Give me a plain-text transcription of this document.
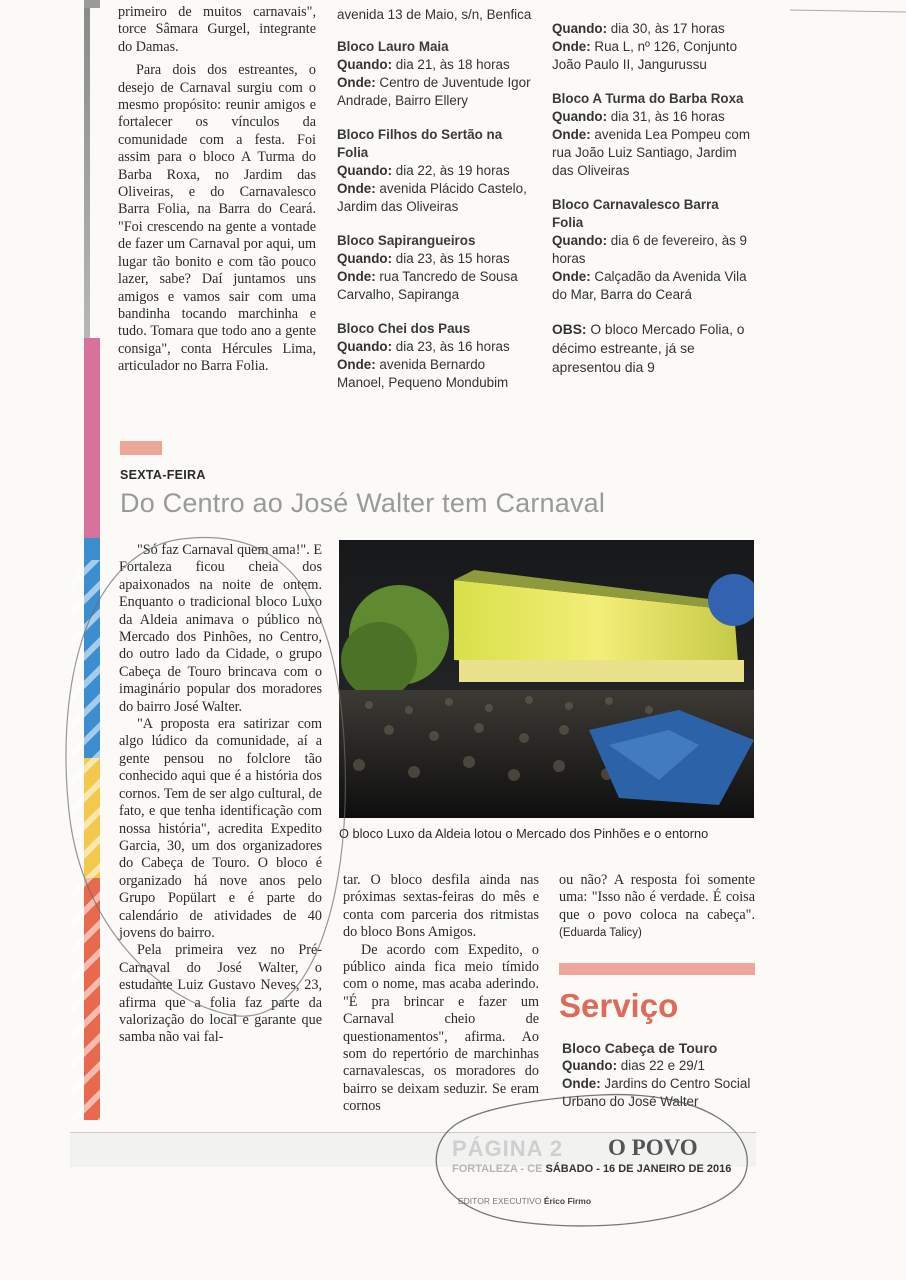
primeiro de muitos carnavais", torce Sâmara Gurgel, integrante do Damas.

Para dois dos estreantes, o desejo de Carnaval surgiu com o mesmo propósito: reunir amigos e fortalecer os vínculos da comunidade com a festa. Foi assim para o bloco A Turma do Barba Roxa, no Jardim das Oliveiras, e do Carnavalesco Barra Folia, na Barra do Ceará. "Foi crescendo na gente a vontade de fazer um Carnaval por aqui, um lugar tão bonito e com tão pouco lazer, sabe? Daí juntamos uns amigos e vamos sair com uma bandinha tocando marchinha e tudo. Tomara que todo ano a gente consiga", conta Hércules Lima, articulador no Barra Folia.

avenida 13 de Maio, s/n, Benfica
Bloco Lauro Maia
Quando: dia 21, às 18 horas
Onde: Centro de Juventude Igor Andrade, Bairro Ellery
Bloco Filhos do Sertão na Folia
Quando: dia 22, às 19 horas
Onde: avenida Plácido Castelo, Jardim das Oliveiras
Bloco Sapirangueiros
Quando: dia 23, às 15 horas
Onde: rua Tancredo de Sousa Carvalho, Sapiranga
Bloco Chei dos Paus
Quando: dia 23, às 16 horas
Onde: avenida Bernardo Manoel, Pequeno Mondubim
Quando: dia 30, às 17 horas
Onde: Rua L, nº 126, Conjunto João Paulo II, Jangurussu
Bloco A Turma do Barba Roxa
Quando: dia 31, às 16 horas
Onde: avenida Lea Pompeu com rua João Luiz Santiago, Jardim das Oliveiras
Bloco Carnavalesco Barra Folia
Quando: dia 6 de fevereiro, às 9 horas
Onde: Calçadão da Avenida Vila do Mar, Barra do Ceará
OBS: O bloco Mercado Folia, o décimo estreante, já se apresentou dia 9
SEXTA-FEIRA
Do Centro ao José Walter tem Carnaval

"Só faz Carnaval quem ama!". E Fortaleza ficou cheia dos apaixonados na noite de ontem. Enquanto o tradicional bloco Luxo da Aldeia animava o público no Mercado dos Pinhões, no Centro, do outro lado da Cidade, o grupo Cabeça de Touro brincava com o imaginário popular dos moradores do bairro José Walter.

"A proposta era satirizar com algo lúdico da comunidade, aí a gente pensou no folclore tão conhecido aqui que é a história dos cornos. Tem de ser algo cultural, de fato, e que tenha identificação com nossa história", acredita Expedito Garcia, 30, um dos organizadores do Cabeça de Touro. O bloco é organizado há nove anos pelo Grupo Popülart e é parte do calendário de atividades de 40 jovens do bairro.

Pela primeira vez no Pré-Carnaval do José Walter, o estudante Luiz Gustavo Neves, 23, afirma que a folia faz parte da valorização do local e garante que samba não vai fal-

O bloco Luxo da Aldeia lotou o Mercado dos Pinhões e o entorno

tar. O bloco desfila ainda nas próximas sextas-feiras do mês e conta com parceria dos ritmistas do bloco Bons Amigos.

De acordo com Expedito, o público ainda fica meio tímido com o nome, mas acaba aderindo. "É pra brincar e fazer um Carnaval cheio de questionamentos", afirma. Ao som do repertório de marchinhas carnavalescas, os moradores do bairro se deixam seduzir. Se eram cornos

ou não? A resposta foi somente uma: "Isso não é verdade. É coisa que o povo coloca na cabeça". (Eduarda Talicy)

Serviço
Bloco Cabeça de Touro
Quando: dias 22 e 29/1
Onde: Jardins do Centro Social Urbano do José Walter
PÁGINA 2 O POVO
FORTALEZA - CE SÁBADO - 16 DE JANEIRO DE 2016
EDITOR EXECUTIVO Érico Firmo
